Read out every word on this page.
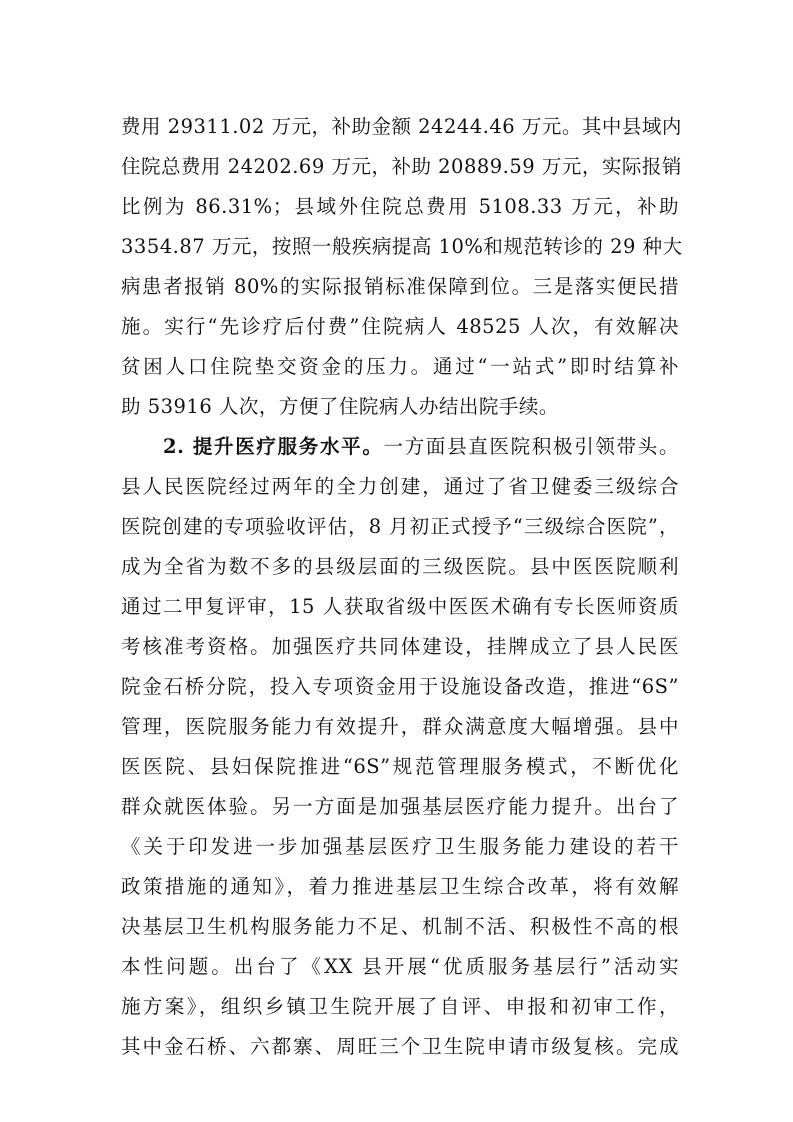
费用 29311.02 万元，补助金额 24244.46 万元。其中县域内
住院总费用 24202.69 万元，补助 20889.59 万元，实际报销
比例为 86.31%；县域外住院总费用 5108.33 万元，补助
3354.87 万元，按照一般疾病提高 10%和规范转诊的 29 种大
病患者报销 80%的实际报销标准保障到位。三是落实便民措
施。实行“先诊疗后付费”住院病人 48525 人次，有效解决
贫困人口住院垫交资金的压力。通过“一站式”即时结算补
助 53916 人次，方便了住院病人办结出院手续。
2. 提升医疗服务水平。一方面县直医院积极引领带头。
县人民医院经过两年的全力创建，通过了省卫健委三级综合
医院创建的专项验收评估，8 月初正式授予“三级综合医院”，
成为全省为数不多的县级层面的三级医院。县中医医院顺利
通过二甲复评审，15 人获取省级中医医术确有专长医师资质
考核准考资格。加强医疗共同体建设，挂牌成立了县人民医
院金石桥分院，投入专项资金用于设施设备改造，推进“6S”
管理，医院服务能力有效提升，群众满意度大幅增强。县中
医医院、县妇保院推进“6S”规范管理服务模式，不断优化
群众就医体验。另一方面是加强基层医疗能力提升。出台了
《关于印发进一步加强基层医疗卫生服务能力建设的若干
政策措施的通知》，着力推进基层卫生综合改革，将有效解
决基层卫生机构服务能力不足、机制不活、积极性不高的根
本性问题。出台了《XX 县开展“优质服务基层行”活动实
施方案》，组织乡镇卫生院开展了自评、申报和初审工作，
其中金石桥、六都寨、周旺三个卫生院申请市级复核。完成
